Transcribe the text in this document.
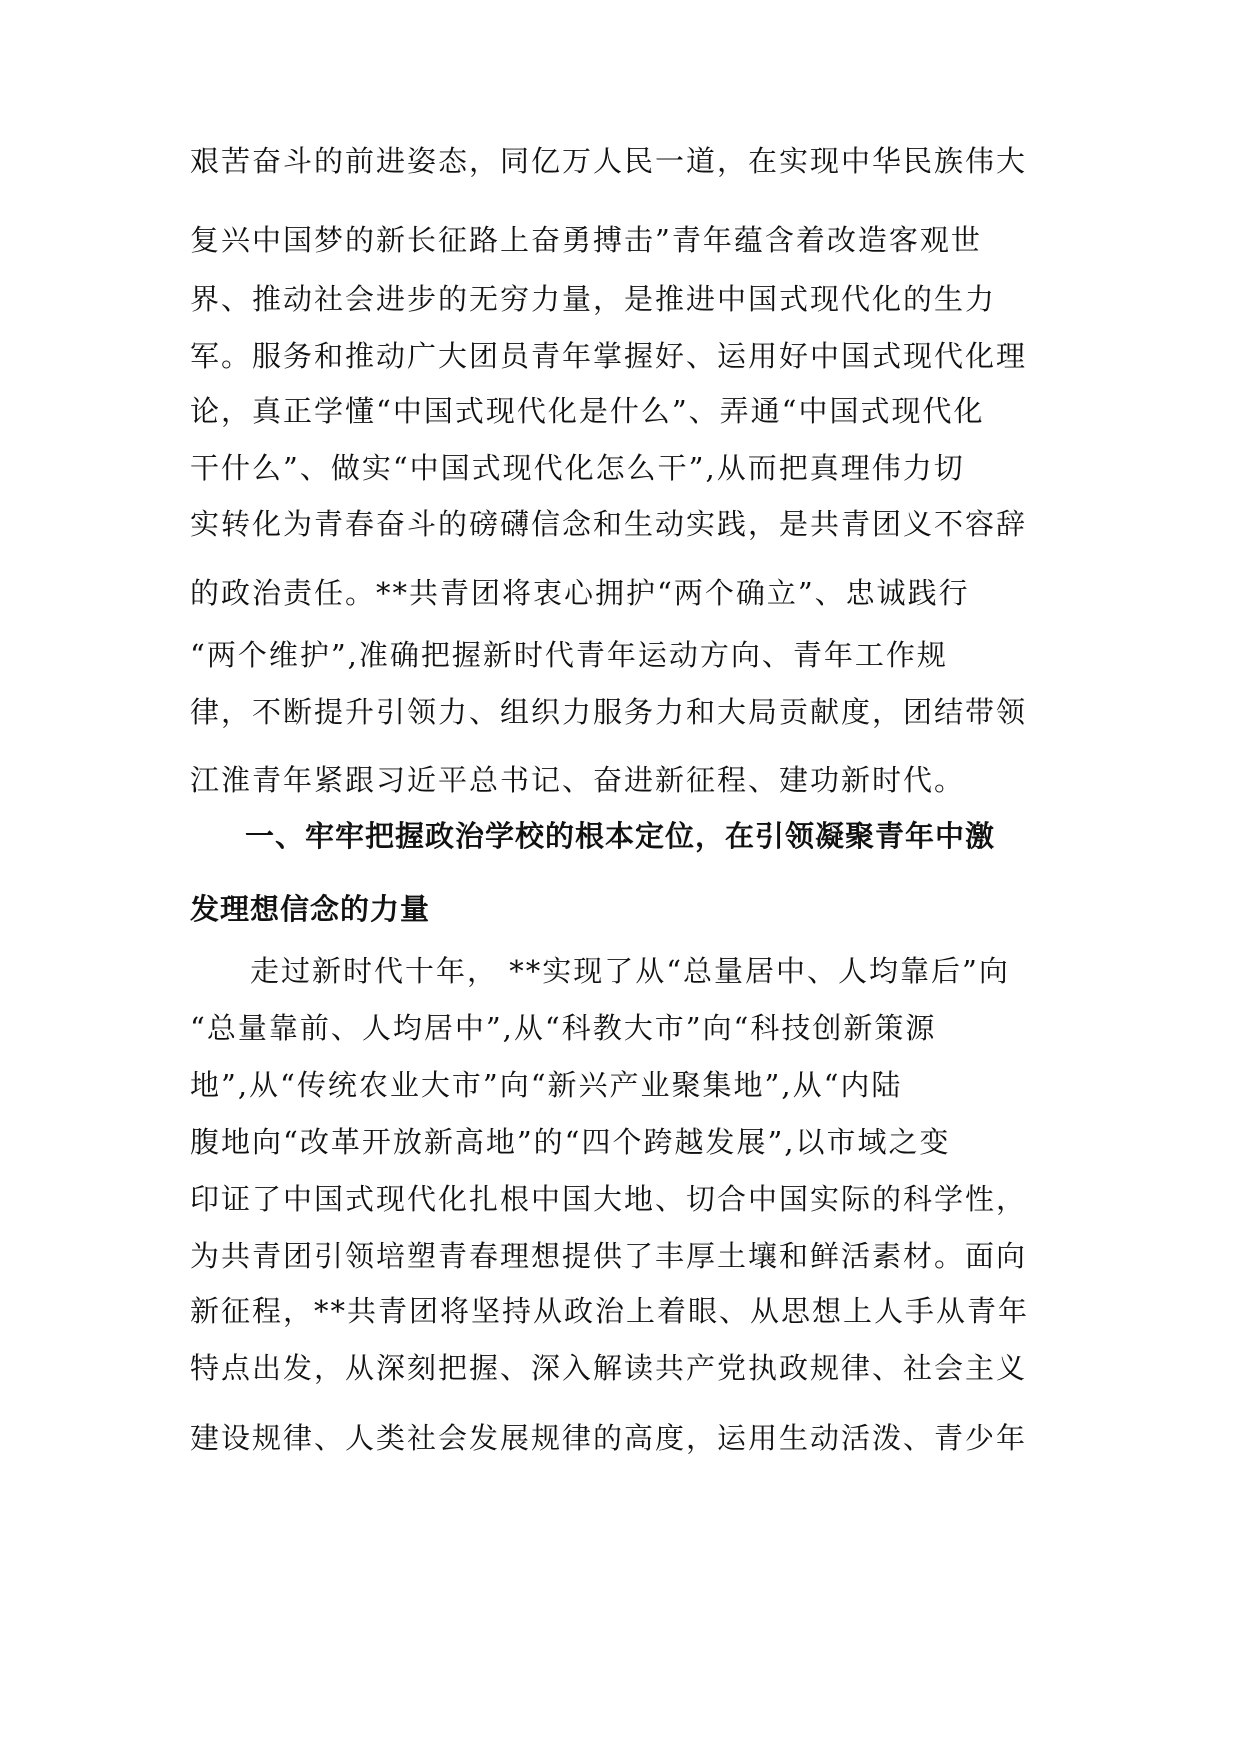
艰苦奋斗的前进姿态，同亿万人民一道，在实现中华民族伟大
复兴中国梦的新长征路上奋勇搏击”青年蕴含着改造客观世
界、推动社会进步的无穷力量，是推进中国式现代化的生力
军。服务和推动广大团员青年掌握好、运用好中国式现代化理
论，真正学懂“中国式现代化是什么”、弄通“中国式现代化
干什么”、做实“中国式现代化怎么干”,从而把真理伟力切
实转化为青春奋斗的磅礴信念和生动实践，是共青团义不容辞
的政治责任。**共青团将衷心拥护“两个确立”、忠诚践行
“两个维护”,准确把握新时代青年运动方向、青年工作规
律，不断提升引领力、组织力服务力和大局贡献度，团结带领
江淮青年紧跟习近平总书记、奋进新征程、建功新时代。
一、牢牢把握政治学校的根本定位，在引领凝聚青年中激
发理想信念的力量
走过新时代十年， **实现了从“总量居中、人均靠后”向
“总量靠前、人均居中”,从“科教大市”向“科技创新策源
地”,从“传统农业大市”向“新兴产业聚集地”,从“内陆
腹地向“改革开放新高地”的“四个跨越发展”,以市域之变
印证了中国式现代化扎根中国大地、切合中国实际的科学性，
为共青团引领培塑青春理想提供了丰厚土壤和鲜活素材。面向
新征程，**共青团将坚持从政治上着眼、从思想上人手从青年
特点出发，从深刻把握、深入解读共产党执政规律、社会主义
建设规律、人类社会发展规律的高度，运用生动活泼、青少年
